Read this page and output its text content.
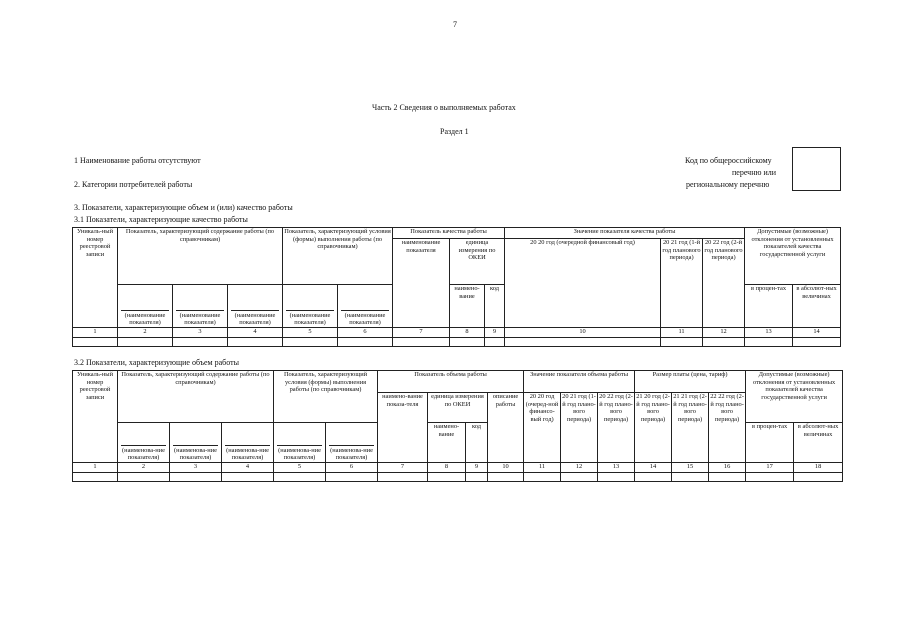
7
Часть 2 Сведения о выполняемых работах
Раздел 1
1 Наименование работы отсутствуют
2. Категории потребителей работы
Код по общероссийскому
перечню или
региональному перечню
3. Показатели, характеризующие объем и (или) качество работы
3.1 Показатели, характеризующие качество работы
Уникаль-ный номер реестровой записи	Показатель, характеризующий содержание работы (по справочникам)			Показатель, характеризующий условия (формы) выполнения работы (по справочникам)		Показатель качества работы			Значение показателя качества работы			Допустимые (возможные) отклонения от установленных показателей качества государственной услуги	
						наименование показателя	единица измерения по ОКЕИ		20 20 год (очередной финансовый год)	20 21 год (1-й год планового периода)	20 22 год (2-й год планового периода)		
	(наименование показателя)	(наименование показателя)	(наименование показателя)	(наименование показателя)	(наименование показателя)		наимено-вание	код				в процен-тах	в абсолют-ных величинах
1	2	3	4	5	6	7	8	9	10	11	12	13	14

3.2 Показатели, характеризующие объем работы
Уникаль-ный номер реестровой записи	Показатель, характеризующий содержание работы (по справочникам)			Показатель, характеризующий условия (формы) выполнения работы (по справочникам)		Показатель объема работы				Значение показателя объема работы			Размер платы (цена, тариф)			Допустимые (возможные) отклонения от установленных показателей качества государственной услуги	
						наимено-вание показа-теля	единица измерения по ОКЕИ		описание работы	20 20 год (очеред-ной финансо-вый год)	20 21 год (1-й год плано-вого периода)	20 22 год (2-й год плано-вого периода)	21 20 год (2-й год плано-вого периода)	21 21 год (2-й год плано-вого периода)	22 22 год (2-й год плано-вого периода)		
	(наименова-ние показателя)	(наименова-ние показателя)	(наименова-ние показателя)	(наименова-ние показателя)	(наименова-ние показателя)		наимено-вание	код								в процен-тах	в абсолют-ных величинах
1	2	3	4	5	6	7	8	9	10	11	12	13	14	15	16	17	18
